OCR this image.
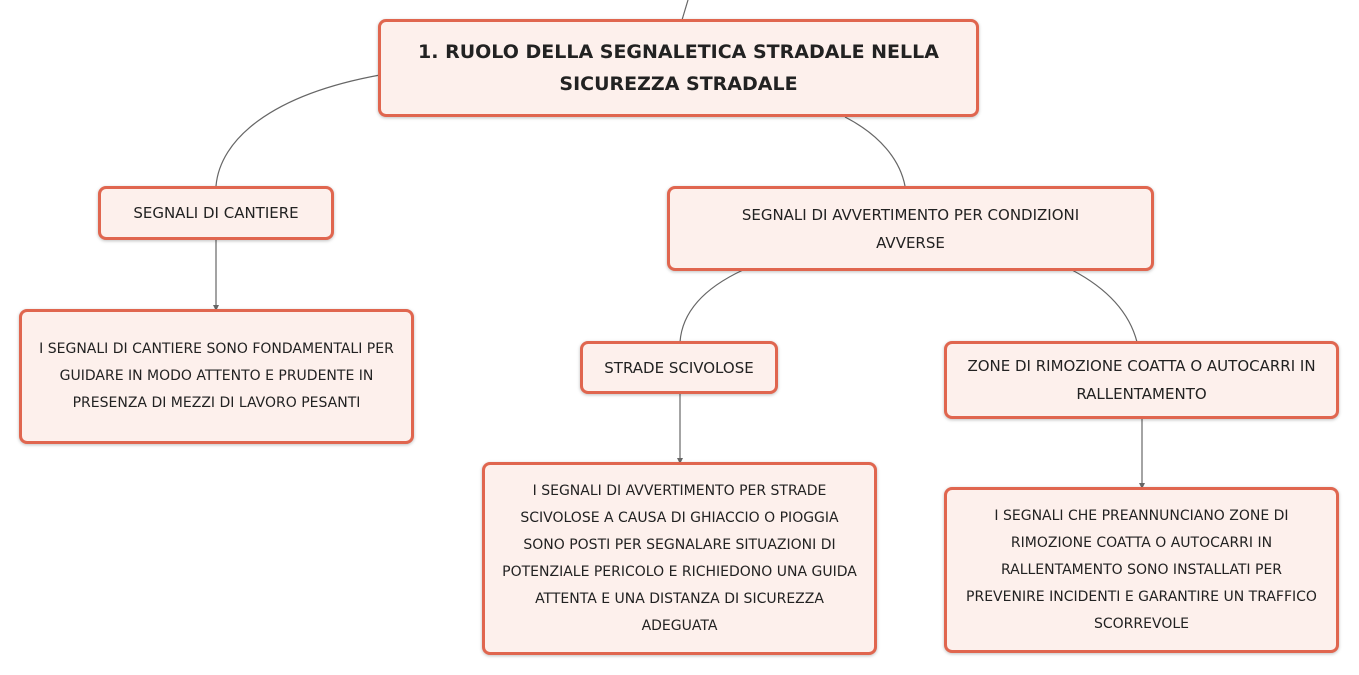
1. RUOLO DELLA SEGNALETICA STRADALE NELLA SICUREZZA STRADALE
SEGNALI DI CANTIERE	SEGNALI DI AVVERTIMENTO PER CONDIZIONI AVVERSE
I SEGNALI DI CANTIERE SONO FONDAMENTALI PER GUIDARE IN MODO ATTENTO E PRUDENTE IN PRESENZA DI MEZZI DI LAVORO PESANTI
STRADE SCIVOLOSE	ZONE DI RIMOZIONE COATTA O AUTOCARRI IN RALLENTAMENTO
I SEGNALI DI AVVERTIMENTO PER STRADE SCIVOLOSE A CAUSA DI GHIACCIO O PIOGGIA SONO POSTI PER SEGNALARE SITUAZIONI DI POTENZIALE PERICOLO E RICHIEDONO UNA GUIDA ATTENTA E UNA DISTANZA DI SICUREZZA ADEGUATA
I SEGNALI CHE PREANNUNCIANO ZONE DI RIMOZIONE COATTA O AUTOCARRI IN RALLENTAMENTO SONO INSTALLATI PER PREVENIRE INCIDENTI E GARANTIRE UN TRAFFICO SCORREVOLE
